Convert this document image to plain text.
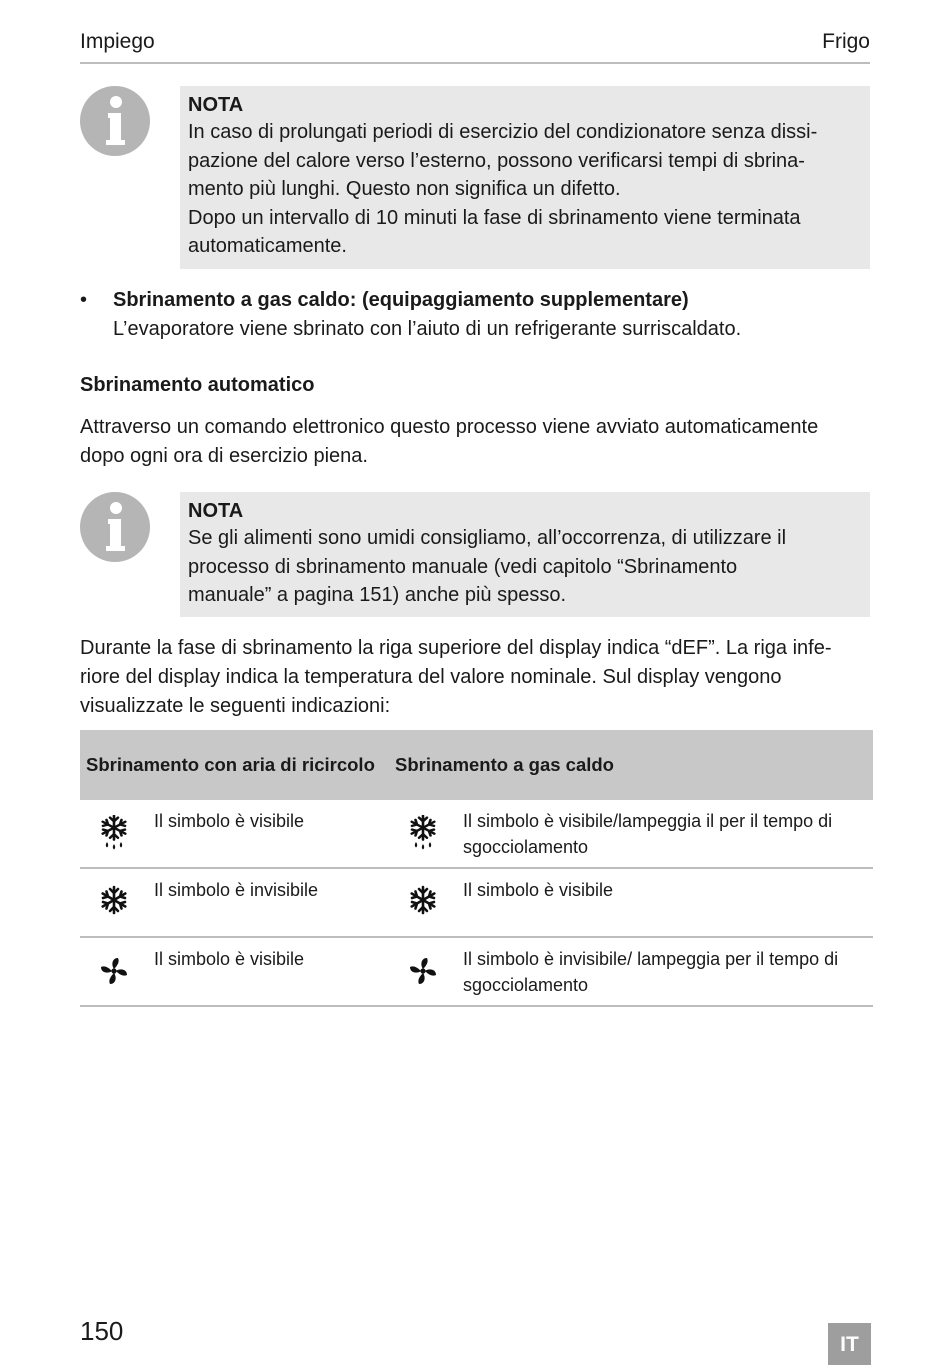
Impiego	Frigo
NOTA
In caso di prolungati periodi di esercizio del condizionatore senza dissi-
pazione del calore verso l’esterno, possono verificarsi tempi di sbrina-
mento più lunghi. Questo non significa un difetto.
Dopo un intervallo di 10 minuti la fase di sbrinamento viene terminata
automaticamente.
•	Sbrinamento a gas caldo: (equipaggiamento supplementare)
L’evaporatore viene sbrinato con l’aiuto di un refrigerante surriscaldato.
Sbrinamento automatico
Attraverso un comando elettronico questo processo viene avviato automaticamente
dopo ogni ora di esercizio piena.
NOTA
Se gli alimenti sono umidi consigliamo, all’occorrenza, di utilizzare il
processo di sbrinamento manuale (vedi capitolo “Sbrinamento
manuale” a pagina 151) anche più spesso.
Durante la fase di sbrinamento la riga superiore del display indica “dEF”. La riga infe-
riore del display indica la temperatura del valore nominale. Sul display vengono
visualizzate le seguenti indicazioni:
Sbrinamento con aria di ricircolo	Sbrinamento a gas caldo

Il simbolo è visibile	Il simbolo è visibile/lampeggia il per il tempo di sgocciolamento

Il simbolo è invisibile	Il simbolo è visibile

Il simbolo è visibile	Il simbolo è invisibile/ lampeggia per il tempo di sgocciolamento
150	IT
